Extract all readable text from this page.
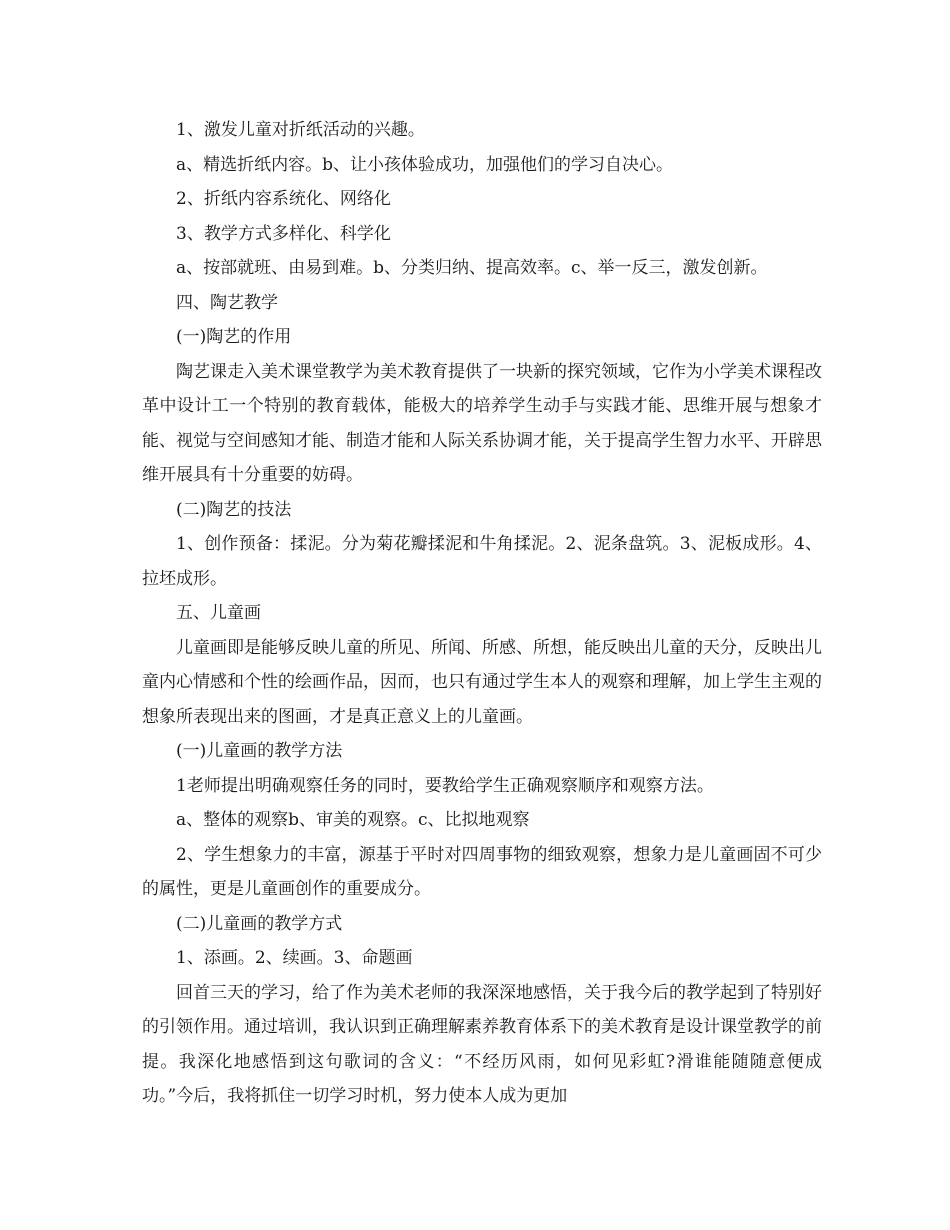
1、激发儿童对折纸活动的兴趣。

a、精选折纸内容。b、让小孩体验成功，加强他们的学习自决心。

2、折纸内容系统化、网络化

3、教学方式多样化、科学化

a、按部就班、由易到难。b、分类归纳、提高效率。c、举一反三，激发创新。

四、陶艺教学

(一)陶艺的作用

陶艺课走入美术课堂教学为美术教育提供了一块新的探究领域，它作为小学美术课程改革中设计工一个特别的教育载体，能极大的培养学生动手与实践才能、思维开展与想象才能、视觉与空间感知才能、制造才能和人际关系协调才能，关于提高学生智力水平、开辟思维开展具有十分重要的妨碍。

(二)陶艺的技法

1、创作预备：揉泥。分为菊花瓣揉泥和牛角揉泥。2、泥条盘筑。3、泥板成形。4、拉坯成形。

五、儿童画

儿童画即是能够反映儿童的所见、所闻、所感、所想，能反映出儿童的天分，反映出儿童内心情感和个性的绘画作品，因而，也只有通过学生本人的观察和理解，加上学生主观的想象所表现出来的图画，才是真正意义上的儿童画。

(一)儿童画的教学方法

1老师提出明确观察任务的同时，要教给学生正确观察顺序和观察方法。

a、整体的观察b、审美的观察。c、比拟地观察

2、学生想象力的丰富，源基于平时对四周事物的细致观察，想象力是儿童画固不可少的属性，更是儿童画创作的重要成分。

(二)儿童画的教学方式

1、添画。2、续画。3、命题画

回首三天的学习，给了作为美术老师的我深深地感悟，关于我今后的教学起到了特别好的引领作用。通过培训，我认识到正确理解素养教育体系下的美术教育是设计课堂教学的前提。我深化地感悟到这句歌词的含义：“不经历风雨，如何见彩虹?滑谁能随随意便成功。”今后，我将抓住一切学习时机，努力使本人成为更加
